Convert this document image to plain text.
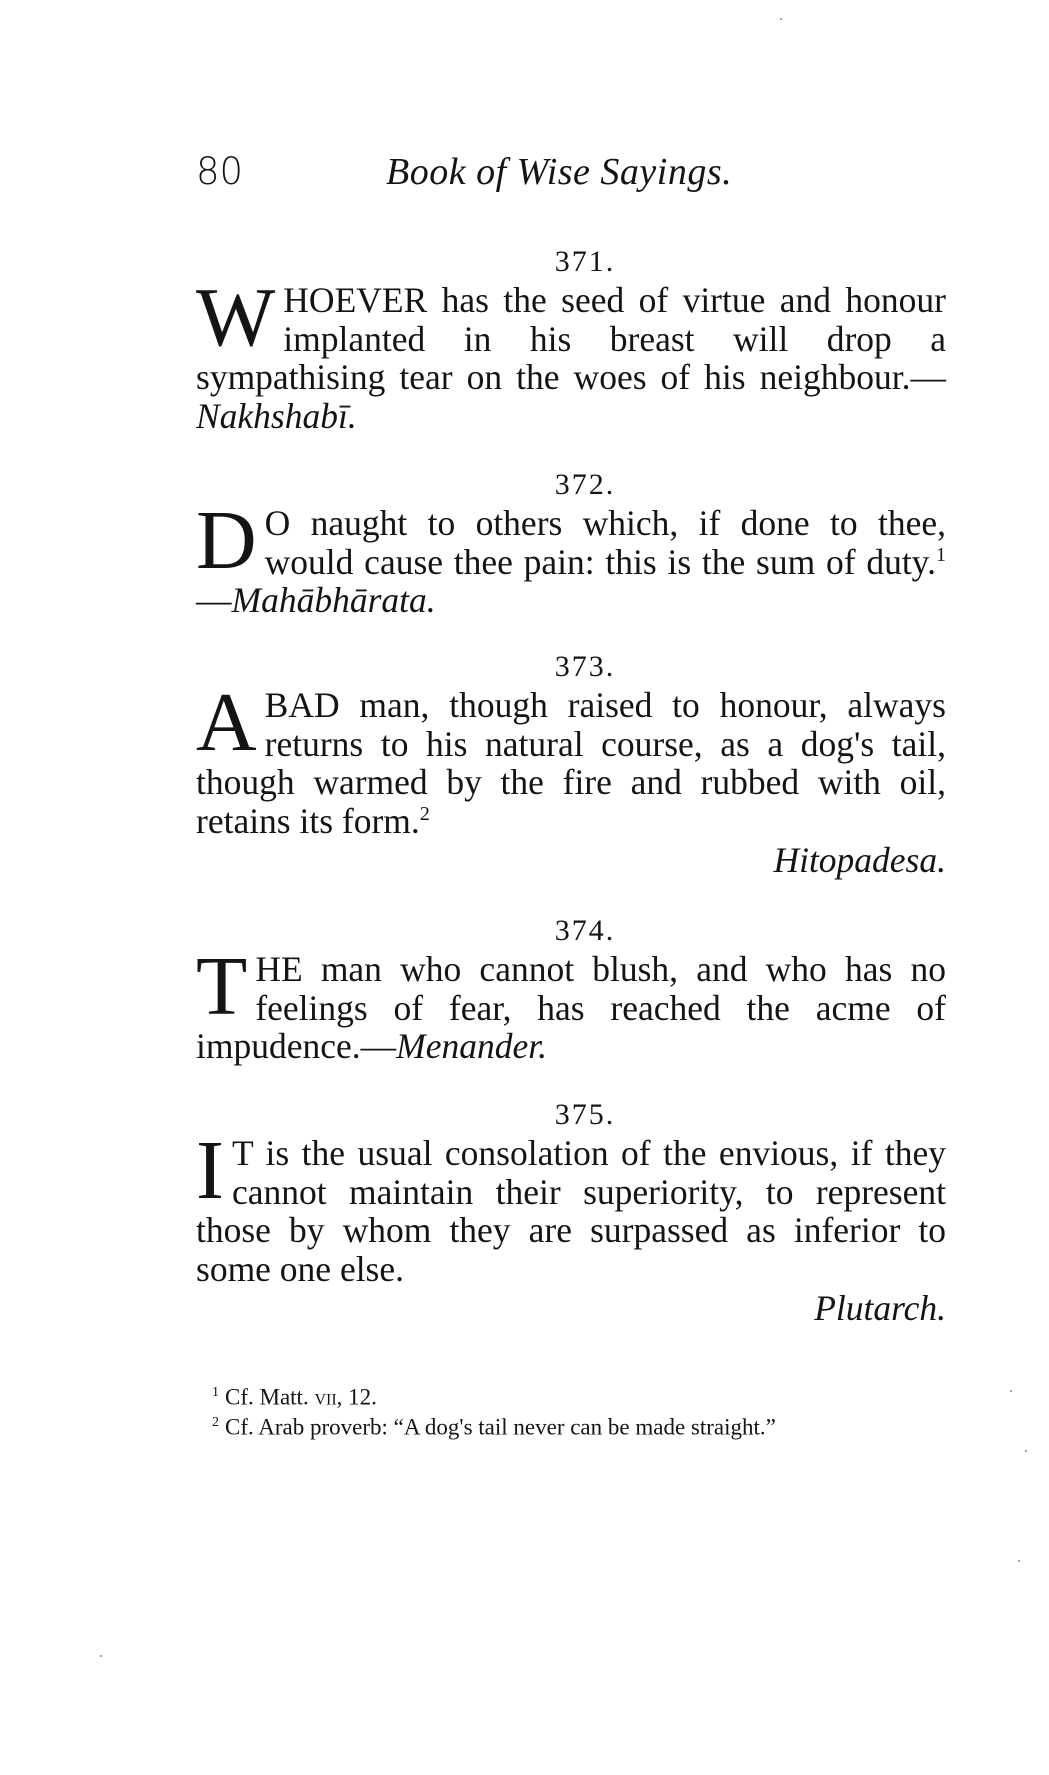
80	Book of Wise Sayings.
371.
WHOEVER has the seed of virtue and honour implanted in his breast will drop a sympathising tear on the woes of his neighbour.—Nakhshabī.
372.
D O naught to others which, if done to thee, would cause thee pain: this is the sum of duty.$^1$—Mahābhārata.
373.
ABAD man, though raised to honour, always returns to his natural course, as a dog's tail, though warmed by the fire and rubbed with oil, retains its form.$^2$
Hitopadesa.
374.
THE man who cannot blush, and who has no feelings of fear, has reached the acme of impudence.—Menander.
375.
I T is the usual consolation of the envious, if they cannot maintain their superiority, to represent those by whom they are surpassed as inferior to some one else.
Plutarch.

$^1$ Cf. Matt. vii, 12.

$^2$ Cf. Arab proverb: “A dog's tail never can be made straight.”
